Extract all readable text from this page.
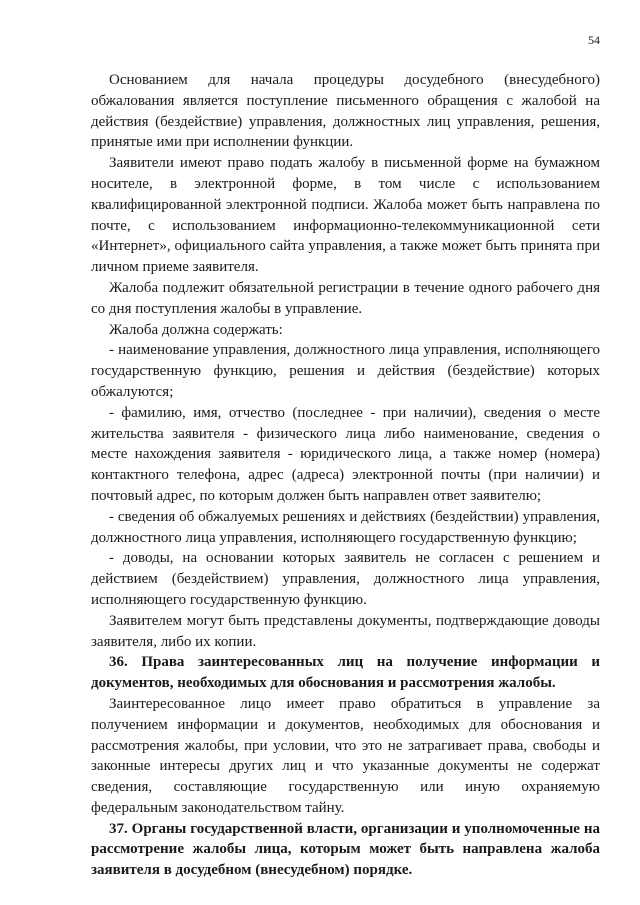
54

Основанием для начала процедуры досудебного (внесудебного) обжалования является поступление письменного обращения с жалобой на действия (бездействие) управления, должностных лиц управления, решения, принятые ими при исполнении функции.

Заявители имеют право подать жалобу в письменной форме на бумажном носителе, в электронной форме, в том числе с использованием квалифицированной электронной подписи. Жалоба может быть направлена по почте, с использованием информационно-телекоммуникационной сети «Интернет», официального сайта управления, а также может быть принята при личном приеме заявителя.

Жалоба подлежит обязательной регистрации в течение одного рабочего дня со дня поступления жалобы в управление.

Жалоба должна содержать:

- наименование управления, должностного лица управления, исполняющего государственную функцию, решения и действия (бездействие) которых обжалуются;

- фамилию, имя, отчество (последнее - при наличии), сведения о месте жительства заявителя - физического лица либо наименование, сведения о месте нахождения заявителя - юридического лица, а также номер (номера) контактного телефона, адрес (адреса) электронной почты (при наличии) и почтовый адрес, по которым должен быть направлен ответ заявителю;

- сведения об обжалуемых решениях и действиях (бездействии) управления, должностного лица управления, исполняющего государственную функцию;

- доводы, на основании которых заявитель не согласен с решением и действием (бездействием) управления, должностного лица управления, исполняющего государственную функцию.

Заявителем могут быть представлены документы, подтверждающие доводы заявителя, либо их копии.

36. Права заинтересованных лиц на получение информации и документов, необходимых для обоснования и рассмотрения жалобы.

Заинтересованное лицо имеет право обратиться в управление за получением информации и документов, необходимых для обоснования и рассмотрения жалобы, при условии, что это не затрагивает права, свободы и законные интересы других лиц и что указанные документы не содержат сведения, составляющие государственную или иную охраняемую федеральным законодательством тайну.

37. Органы государственной власти, организации и уполномоченные на рассмотрение жалобы лица, которым может быть направлена жалоба заявителя в досудебном (внесудебном) порядке.
